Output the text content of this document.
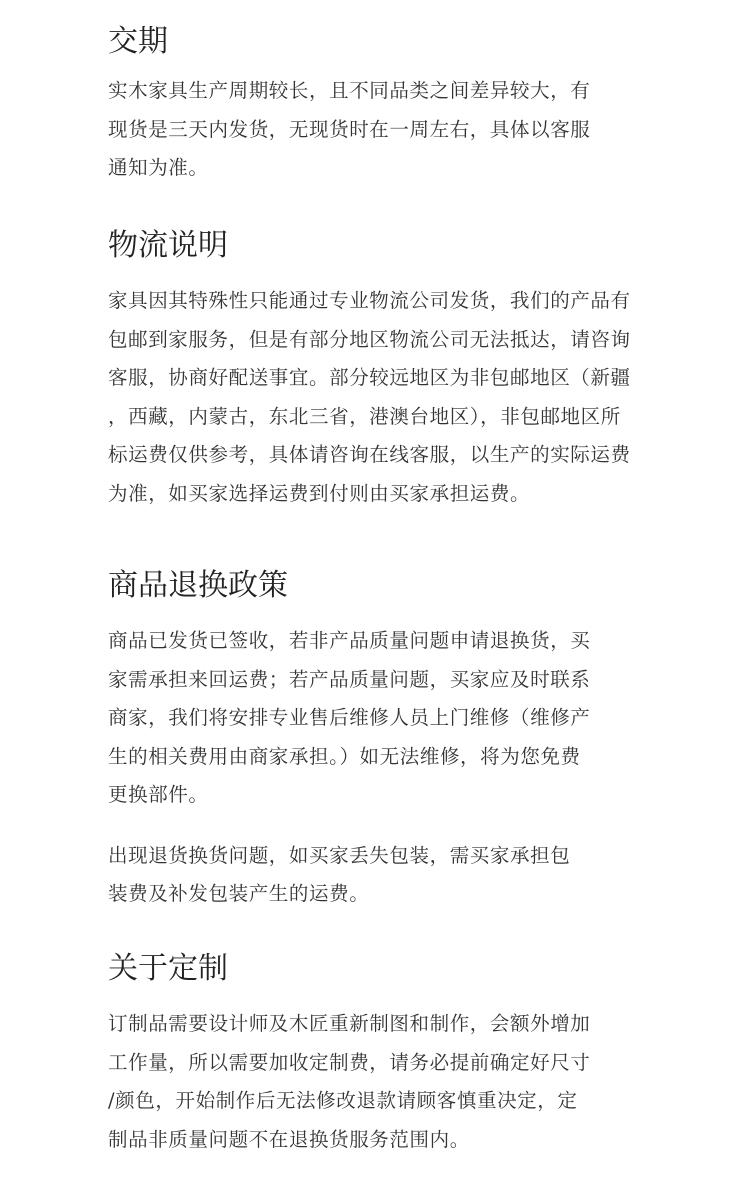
交期

实木家具生产周期较长，且不同品类之间差异较大，有
现货是三天内发货，无现货时在一周左右，具体以客服
通知为准。

物流说明

家具因其特殊性只能通过专业物流公司发货，我们的产品有
包邮到家服务，但是有部分地区物流公司无法抵达，请咨询
客服，协商好配送事宜。部分较远地区为非包邮地区（新疆
，西藏，内蒙古，东北三省，港澳台地区），非包邮地区所
标运费仅供参考，具体请咨询在线客服，以生产的实际运费
为准，如买家选择运费到付则由买家承担运费。

商品退换政策

商品已发货已签收，若非产品质量问题申请退换货，买
家需承担来回运费；若产品质量问题，买家应及时联系
商家，我们将安排专业售后维修人员上门维修（维修产
生的相关费用由商家承担。）如无法维修，将为您免费
更换部件。

出现退货换货问题，如买家丢失包装，需买家承担包
装费及补发包装产生的运费。

关于定制

订制品需要设计师及木匠重新制图和制作，会额外增加
工作量，所以需要加收定制费，请务必提前确定好尺寸
/颜色，开始制作后无法修改退款请顾客慎重决定，定
制品非质量问题不在退换货服务范围内。
